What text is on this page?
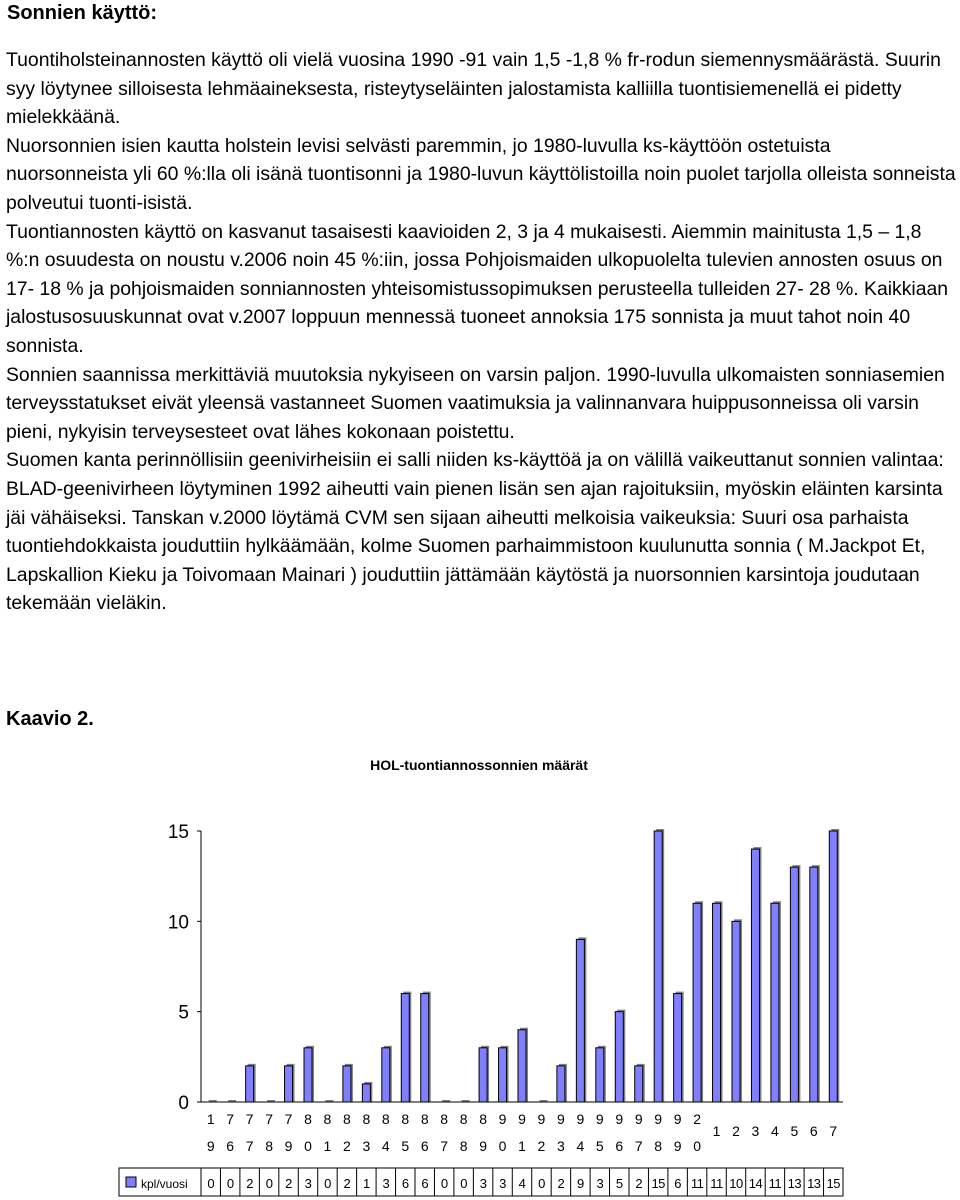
Sonnien käyttö:

Tuontiholsteinannosten käyttö oli vielä vuosina 1990 -91 vain 1,5 -1,8 % fr-rodun siemennysmäärästä. Suurin syy löytynee silloisesta lehmäaineksesta, risteytyseläinten jalostamista kalliilla tuontisiemenellä ei pidetty mielekkäänä.

Nuorsonnien isien kautta holstein levisi selvästi paremmin, jo 1980-luvulla ks-käyttöön ostetuista nuorsonneista yli 60 %:lla oli isänä tuontisonni ja 1980-luvun käyttölistoilla noin puolet tarjolla olleista sonneista polveutui tuonti-isistä.

Tuontiannosten käyttö on kasvanut tasaisesti kaavioiden 2, 3 ja 4 mukaisesti. Aiemmin mainitusta 1,5 – 1,8 %:n osuudesta on noustu v.2006 noin 45 %:iin, jossa Pohjoismaiden ulkopuolelta tulevien annosten osuus on 17- 18 % ja pohjoismaiden sonniannosten yhteisomistussopimuksen perusteella tulleiden 27- 28 %. Kaikkiaan jalostusosuuskunnat ovat v.2007 loppuun mennessä tuoneet annoksia 175 sonnista ja muut tahot noin 40 sonnista.

Sonnien saannissa merkittäviä muutoksia nykyiseen on varsin paljon. 1990-luvulla ulkomaisten sonniasemien terveysstatukset eivät yleensä vastanneet Suomen vaatimuksia ja valinnanvara huippusonneissa oli varsin pieni, nykyisin terveysesteet ovat lähes kokonaan poistettu.

Suomen kanta perinnöllisiin geenivirheisiin ei salli niiden ks-käyttöä ja on välillä vaikeuttanut sonnien valintaa: BLAD-geenivirheen löytyminen 1992 aiheutti vain pienen lisän sen ajan rajoituksiin, myöskin eläinten karsinta jäi vähäiseksi. Tanskan v.2000 löytämä CVM sen sijaan aiheutti melkoisia vaikeuksia: Suuri osa parhaista tuontiehdokkaista jouduttiin hylkäämään, kolme Suomen parhaimmistoon kuulunutta sonnia ( M.Jackpot Et, Lapskallion Kieku ja Toivomaan Mainari ) jouduttiin jättämään käytöstä ja nuorsonnien karsintoja joudutaan tekemään vieläkin.

Kaavio 2.
HOL-tuontiannossonnien määrät
0
5
10
15
1
9
7
6
7
7
7
8
7
9
8
0
8
1
8
2
8
3
8
4
8
5
8
6
8
7
8
8
8
9
9
0
9
1
9
2
9
3
9
4
9
5
9
6
9
7
9
8
9
9
2
0
1 2 3 4 5 6 7
kpl/vuosi 0 0 2 0 2 3 0 2 1 3 6 6 0 0 3 3 4 0 2 9 3 5 2 15 6 11 11 10 14 11 13 13 15
